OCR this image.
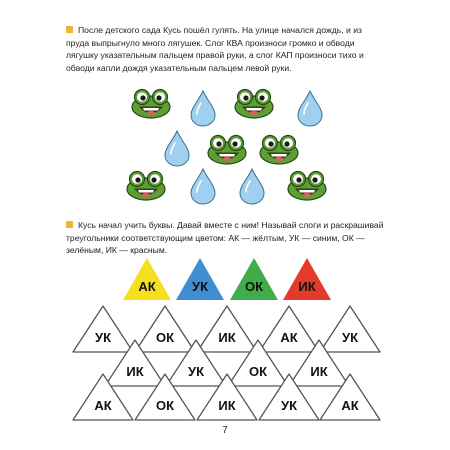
После детского сада Кусь пошёл гулять. На улице начался дождь, и из пруда выпрыгнуло много лягушек. Слог КВА произноси громко и обводи лягушку указательным пальцем правой руки, а слог КАП произноси тихо и обводи капли дождя указательным пальцем левой руки.
Кусь начал учить буквы. Давай вместе с ним! Называй слоги и раскрашивай треугольники соответствующим цветом: АК — жёлтым, УК — синим, ОК — зелёным, ИК — красным.
АК	УК	ОК	ИК
УК	ОК	ИК	АК	УК
ИК	УК	ОК	ИК
АК	ОК	ИК	УК	АК
7
